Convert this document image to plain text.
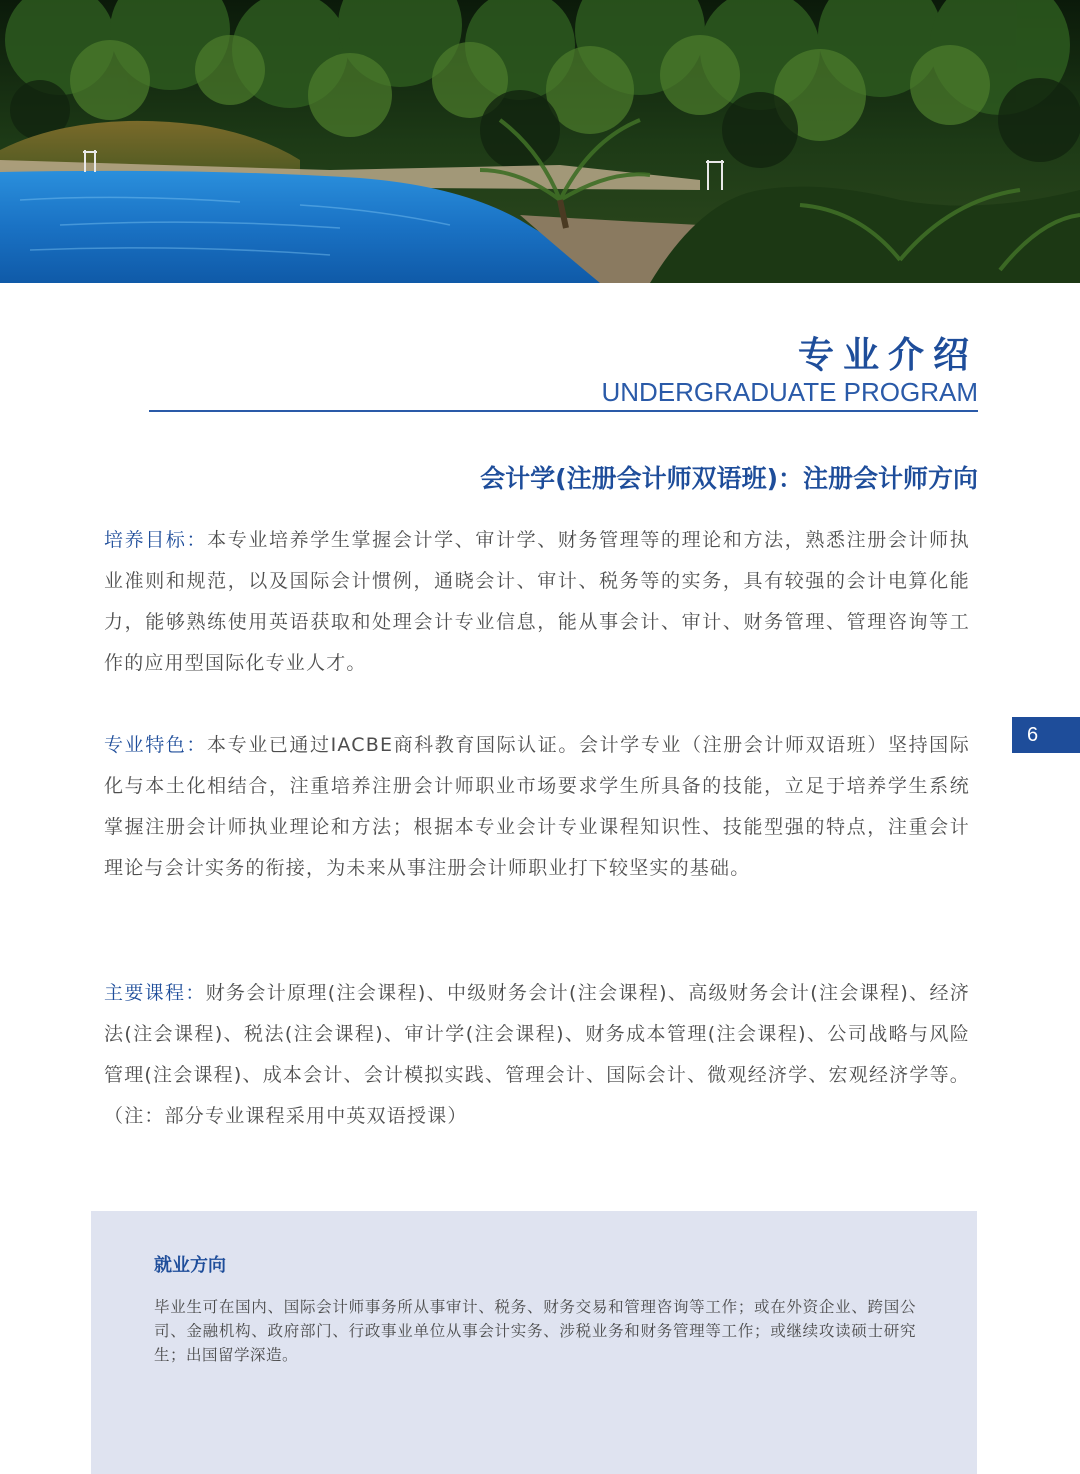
专业介绍
UNDERGRADUATE PROGRAM
会计学(注册会计师双语班)：注册会计师方向

培养目标：本专业培养学生掌握会计学、审计学、财务管理等的理论和方法，熟悉注册会计师执业准则和规范，以及国际会计惯例，通晓会计、审计、税务等的实务，具有较强的会计电算化能力，能够熟练使用英语获取和处理会计专业信息，能从事会计、审计、财务管理、管理咨询等工作的应用型国际化专业人才。

专业特色：本专业已通过IACBE商科教育国际认证。会计学专业（注册会计师双语班）坚持国际化与本土化相结合，注重培养注册会计师职业市场要求学生所具备的技能，立足于培养学生系统掌握注册会计师执业理论和方法；根据本专业会计专业课程知识性、技能型强的特点，注重会计理论与会计实务的衔接，为未来从事注册会计师职业打下较坚实的基础。

主要课程：财务会计原理(注会课程)、中级财务会计(注会课程)、高级财务会计(注会课程)、经济法(注会课程)、税法(注会课程)、审计学(注会课程)、财务成本管理(注会课程)、公司战略与风险管理(注会课程)、成本会计、会计模拟实践、管理会计、国际会计、微观经济学、宏观经济学等。（注：部分专业课程采用中英双语授课）

6
就业方向

毕业生可在国内、国际会计师事务所从事审计、税务、财务交易和管理咨询等工作；或在外资企业、跨国公司、金融机构、政府部门、行政事业单位从事会计实务、涉税业务和财务管理等工作；或继续攻读硕士研究生；出国留学深造。
